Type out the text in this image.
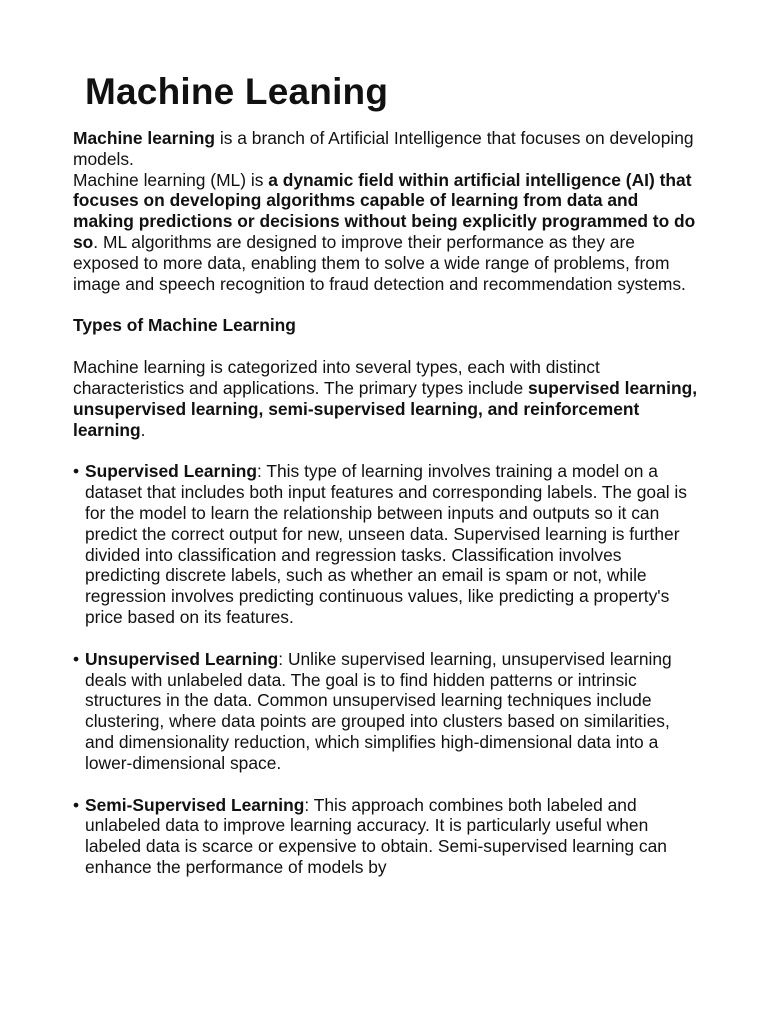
Machine Leaning

Machine learning is a branch of Artificial Intelligence that focuses on developing models.

Machine learning (ML) is a dynamic field within artificial intelligence (AI) that focuses on developing algorithms capable of learning from data and making predictions or decisions without being explicitly programmed to do so. ML algorithms are designed to improve their performance as they are exposed to more data, enabling them to solve a wide range of problems, from image and speech recognition to fraud detection and recommendation systems.

Types of Machine Learning

Machine learning is categorized into several types, each with distinct characteristics and applications. The primary types include supervised learning, unsupervised learning, semi-supervised learning, and reinforcement learning.

• Supervised Learning: This type of learning involves training a model on a dataset that includes both input features and corresponding labels. The goal is for the model to learn the relationship between inputs and outputs so it can predict the correct output for new, unseen data. Supervised learning is further divided into classification and regression tasks. Classification involves predicting discrete labels, such as whether an email is spam or not, while regression involves predicting continuous values, like predicting a property's price based on its features.

• Unsupervised Learning: Unlike supervised learning, unsupervised learning deals with unlabeled data. The goal is to find hidden patterns or intrinsic structures in the data. Common unsupervised learning techniques include clustering, where data points are grouped into clusters based on similarities, and dimensionality reduction, which simplifies high-dimensional data into a lower-dimensional space.

• Semi-Supervised Learning: This approach combines both labeled and unlabeled data to improve learning accuracy. It is particularly useful when labeled data is scarce or expensive to obtain. Semi-supervised learning can enhance the performance of models by
